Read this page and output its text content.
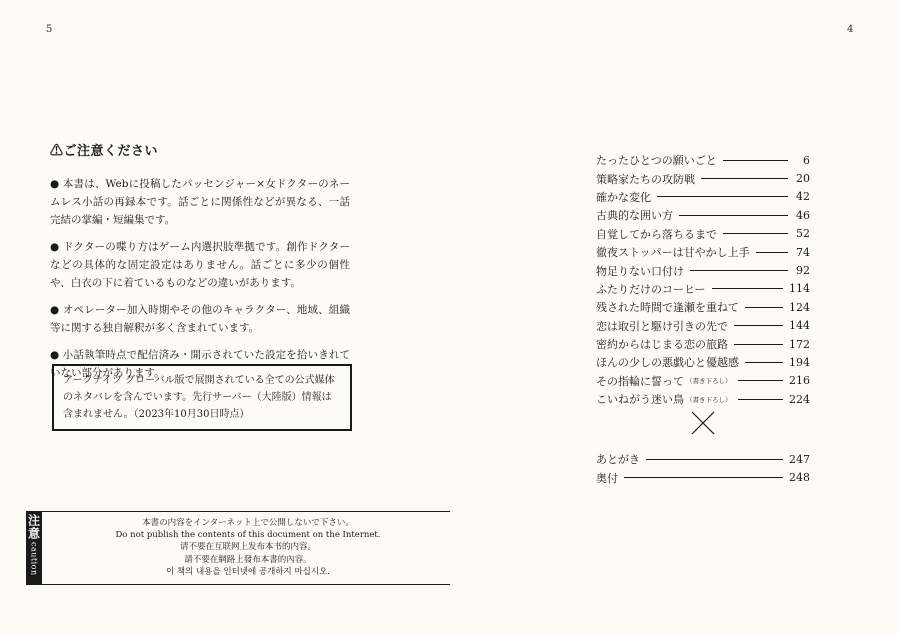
5	4
⚠ご注意ください

● 本書は、Webに投稿したパッセンジャー×女ドクターのネームレス小話の再録本です。話ごとに関係性などが異なる、一話完結の掌編・短編集です。

● ドクターの喋り方はゲーム内選択肢準拠です。創作ドクターなどの具体的な固定設定はありません。話ごとに多少の個性や、白衣の下に着ているものなどの違いがあります。

● オペレーター加入時期やその他のキャラクター、地域、組織等に関する独自解釈が多く含まれています。

● 小話執筆時点で配信済み・開示されていた設定を拾いきれていない部分があります。

アークナイツ グローバル版で展開されている全ての公式媒体のネタバレを含んでいます。先行サーバー（大陸版）情報は含まれません。（2023年10月30日時点）
たったひとつの願いごと	6
策略家たちの攻防戦	20
確かな変化	42
古典的な囲い方	46
自覚してから落ちるまで	52
徹夜ストッパーは甘やかし上手	74
物足りない口付け	92
ふたりだけのコーヒー	114
残された時間で逢瀬を重ねて	124
恋は取引と駆け引きの先で	144
密約からはじまる恋の旅路	172
ほんの少しの悪戯心と優越感	194
その指輪に誓って （書き下ろし）	216
こいねがう迷い鳥 （書き下ろし）	224
あとがき	247
奥付	248
注意
caution
本書の内容をインターネット上で公開しないで下さい。
Do not publish the contents of this document on the Internet.
请不要在互联网上发布本书的内容。
請不要在網路上發布本書的內容。
이 책의 내용을 인터넷에 공개하지 마십시오.
